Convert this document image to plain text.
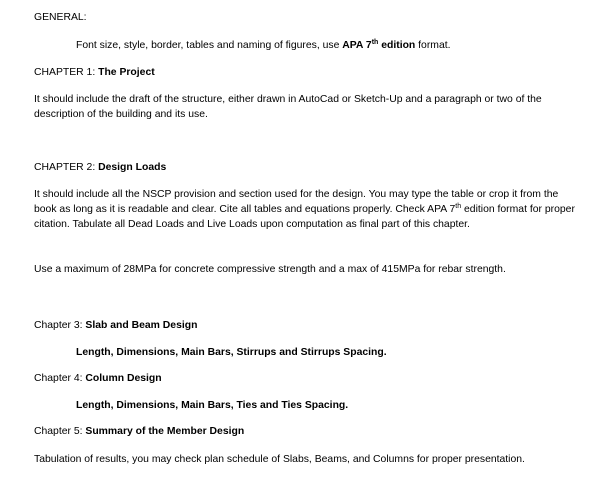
GENERAL:
Font size, style, border, tables and naming of figures, use APA 7th edition format.
CHAPTER 1: The Project
It should include the draft of the structure, either drawn in AutoCad or Sketch-Up and a paragraph or two of the description of the building and its use.
CHAPTER 2: Design Loads
It should include all the NSCP provision and section used for the design. You may type the table or crop it from the book as long as it is readable and clear. Cite all tables and equations properly. Check APA 7th edition format for proper citation. Tabulate all Dead Loads and Live Loads upon computation as final part of this chapter.
Use a maximum of 28MPa for concrete compressive strength and a max of 415MPa for rebar strength.
Chapter 3: Slab and Beam Design
Length, Dimensions, Main Bars, Stirrups and Stirrups Spacing.
Chapter 4: Column Design
Length, Dimensions, Main Bars, Ties and Ties Spacing.
Chapter 5: Summary of the Member Design
Tabulation of results, you may check plan schedule of Slabs, Beams, and Columns for proper presentation.
